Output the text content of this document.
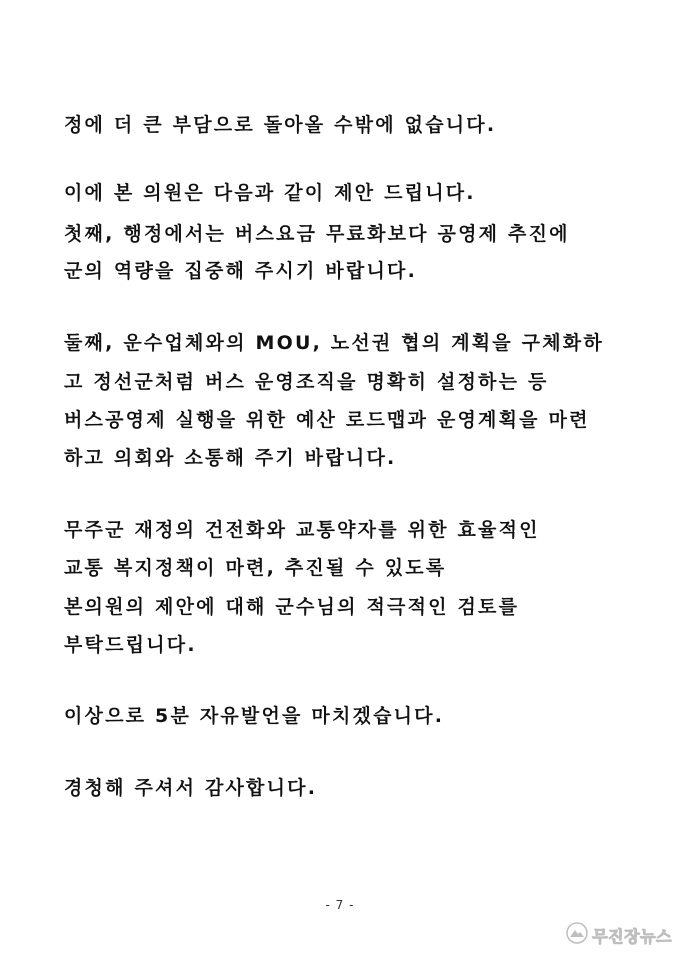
정에 더 큰 부담으로 돌아올 수밖에 없습니다.
이에 본 의원은 다음과 같이 제안 드립니다.
첫째, 행정에서는 버스요금 무료화보다 공영제 추진에
군의 역량을 집중해 주시기 바랍니다.
둘째, 운수업체와의 MOU, 노선권 협의 계획을 구체화하
고 정선군처럼 버스 운영조직을 명확히 설정하는 등
버스공영제 실행을 위한 예산 로드맵과 운영계획을 마련
하고 의회와 소통해 주기 바랍니다.
무주군 재정의 건전화와 교통약자를 위한 효율적인
교통 복지정책이 마련, 추진될 수 있도록
본의원의 제안에 대해 군수님의 적극적인 검토를
부탁드립니다.
이상으로 5분 자유발언을 마치겠습니다.
경청해 주셔서 감사합니다.
- 7 -
무진장뉴스
